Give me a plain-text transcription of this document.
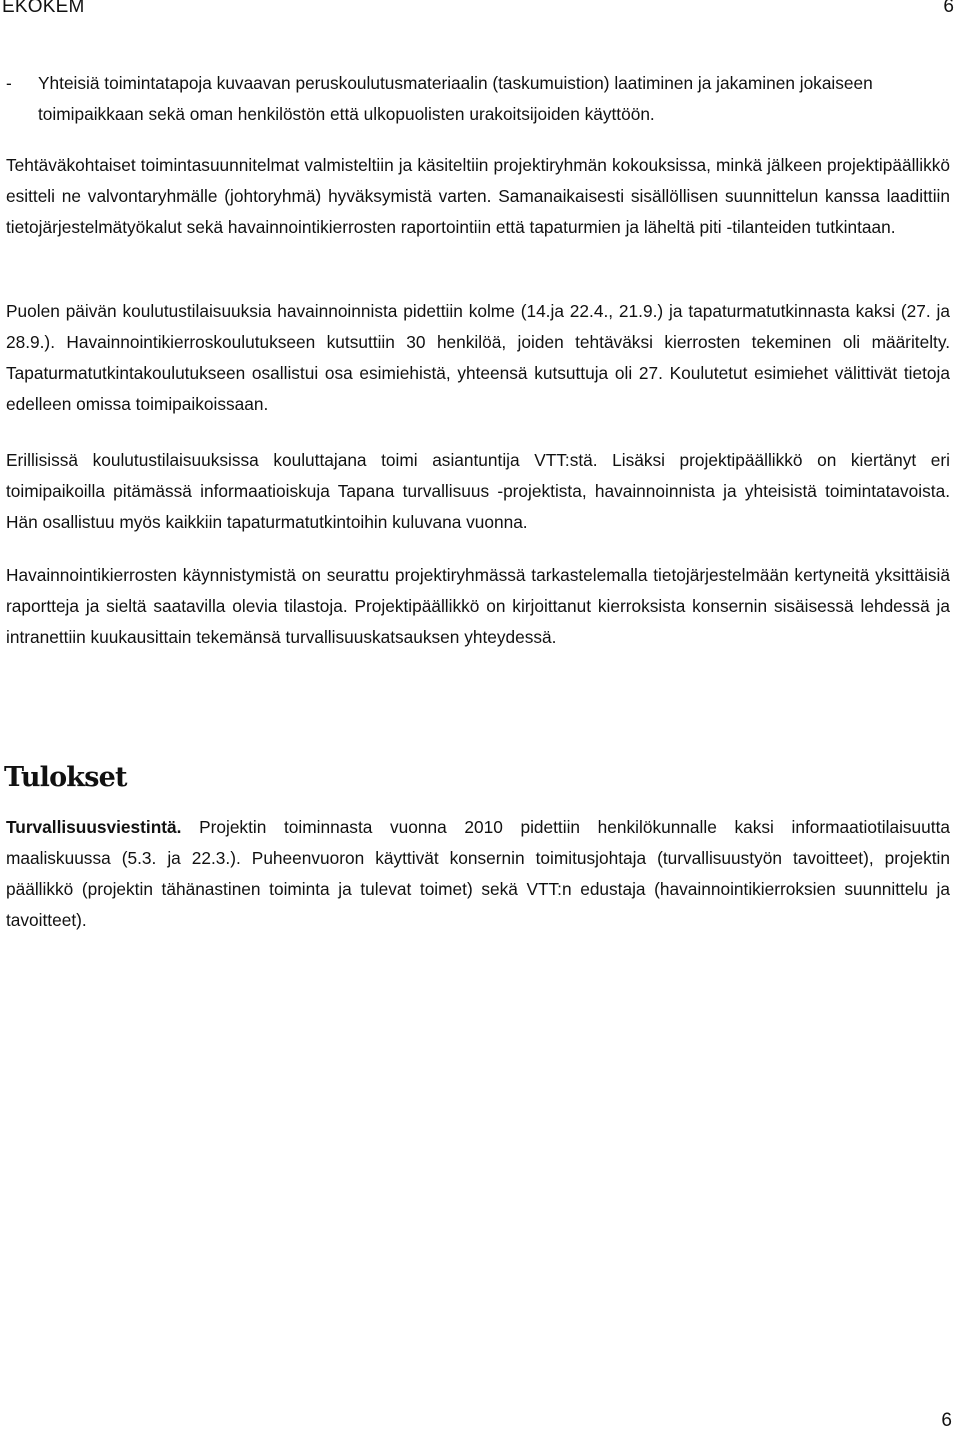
EKOKEM	6
- Yhteisiä toimintatapoja kuvaavan peruskoulutusmateriaalin (taskumuistion) laatiminen ja jakaminen jokaiseen toimipaikkaan sekä oman henkilöstön että ulkopuolisten urakoitsijoiden käyttöön.

Tehtäväkohtaiset toimintasuunnitelmat valmisteltiin ja käsiteltiin projektiryhmän kokouksissa, minkä jälkeen projektipäällikkö esitteli ne valvontaryhmälle (johtoryhmä) hyväksymistä varten. Samanaikaisesti sisällöllisen suunnittelun kanssa laadittiin tietojärjestelmätyökalut sekä havainnointikierrosten raportointiin että tapaturmien ja läheltä piti -tilanteiden tutkintaan.

Puolen päivän koulutustilaisuuksia havainnoinnista pidettiin kolme (14.ja 22.4., 21.9.) ja tapaturmatutkinnasta kaksi (27. ja 28.9.). Havainnointikierroskoulutukseen kutsuttiin 30 henkilöä, joiden tehtäväksi kierrosten tekeminen oli määritelty. Tapaturmatutkintakoulutukseen osallistui osa esimiehistä, yhteensä kutsuttuja oli 27. Koulutetut esimiehet välittivät tietoja edelleen omissa toimipaikoissaan.

Erillisissä koulutustilaisuuksissa kouluttajana toimi asiantuntija VTT:stä. Lisäksi projektipäällikkö on kiertänyt eri toimipaikoilla pitämässä informaatioiskuja Tapana turvallisuus -projektista, havainnoinnista ja yhteisistä toimintatavoista. Hän osallistuu myös kaikkiin tapaturmatutkintoihin kuluvana vuonna.

Havainnointikierrosten käynnistymistä on seurattu projektiryhmässä tarkastelemalla tietojärjestelmään kertyneitä yksittäisiä raportteja ja sieltä saatavilla olevia tilastoja. Projektipäällikkö on kirjoittanut kierroksista konsernin sisäisessä lehdessä ja intranettiin kuukausittain tekemänsä turvallisuuskatsauksen yhteydessä.

Tulokset

Turvallisuusviestintä. Projektin toiminnasta vuonna 2010 pidettiin henkilökunnalle kaksi informaatiotilaisuutta maaliskuussa (5.3. ja 22.3.). Puheenvuoron käyttivät konsernin toimitusjohtaja (turvallisuustyön tavoitteet), projektin päällikkö (projektin tähänastinen toiminta ja tulevat toimet) sekä VTT:n edustaja (havainnointikierroksien suunnittelu ja tavoitteet).

6
